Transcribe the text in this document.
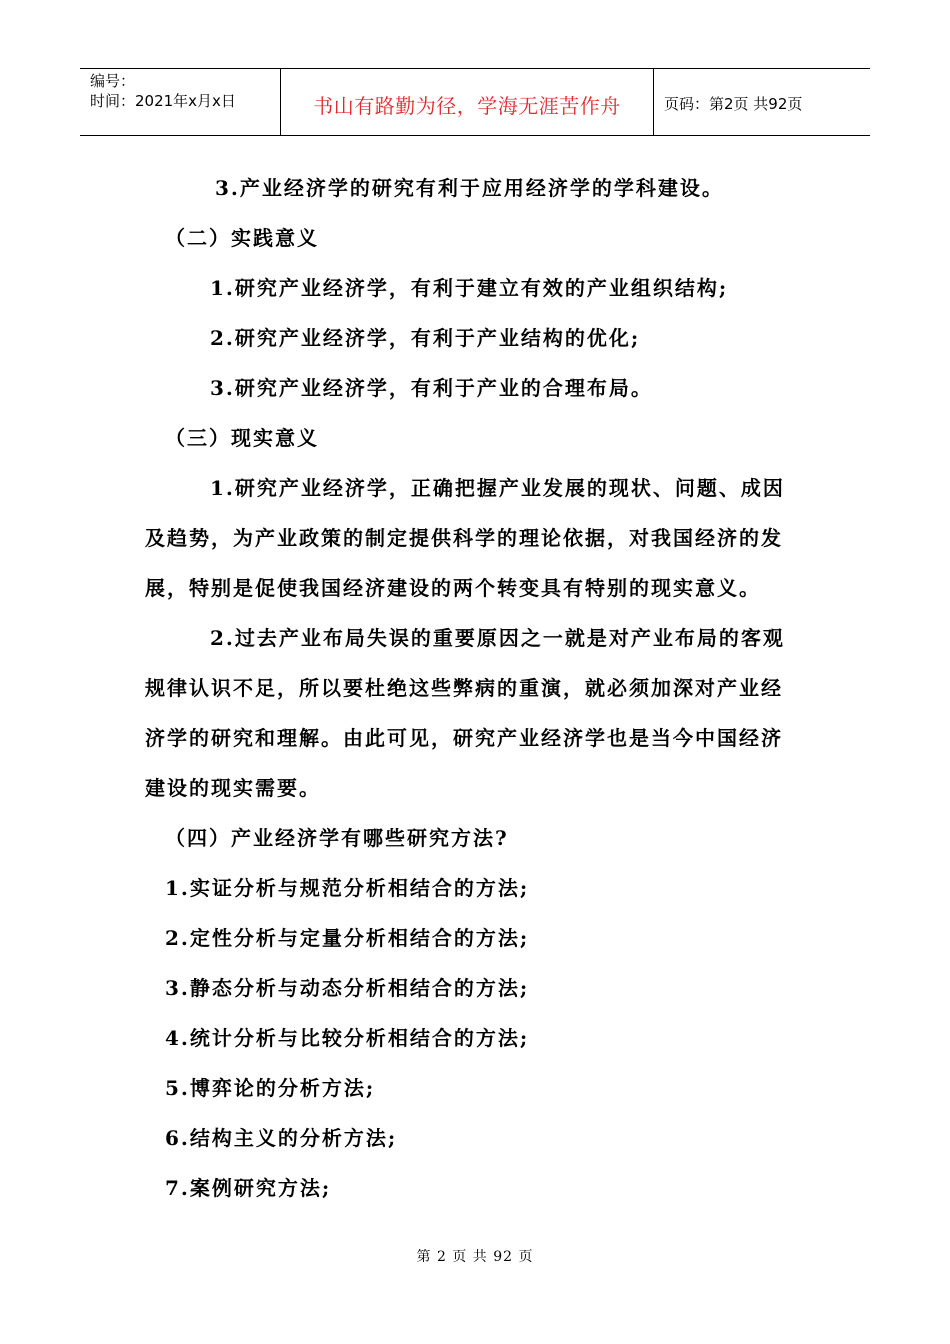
编号：
时间：2021年x月x日	书山有路勤为径，学海无涯苦作舟	页码：第2页 共92页
3.产业经济学的研究有利于应用经济学的学科建设。
（二）实践意义
1.研究产业经济学，有利于建立有效的产业组织结构;
2.研究产业经济学，有利于产业结构的优化;
3.研究产业经济学，有利于产业的合理布局。
（三）现实意义
1.研究产业经济学，正确把握产业发展的现状、问题、成因
及趋势，为产业政策的制定提供科学的理论依据，对我国经济的发
展，特别是促使我国经济建设的两个转变具有特别的现实意义。
2.过去产业布局失误的重要原因之一就是对产业布局的客观
规律认识不足，所以要杜绝这些弊病的重演，就必须加深对产业经
济学的研究和理解。由此可见，研究产业经济学也是当今中国经济
建设的现实需要。
（四）产业经济学有哪些研究方法?
1.实证分析与规范分析相结合的方法;
2.定性分析与定量分析相结合的方法;
3.静态分析与动态分析相结合的方法;
4.统计分析与比较分析相结合的方法;
5.博弈论的分析方法;
6.结构主义的分析方法;
7.案例研究方法;
第 2 页 共 92 页
